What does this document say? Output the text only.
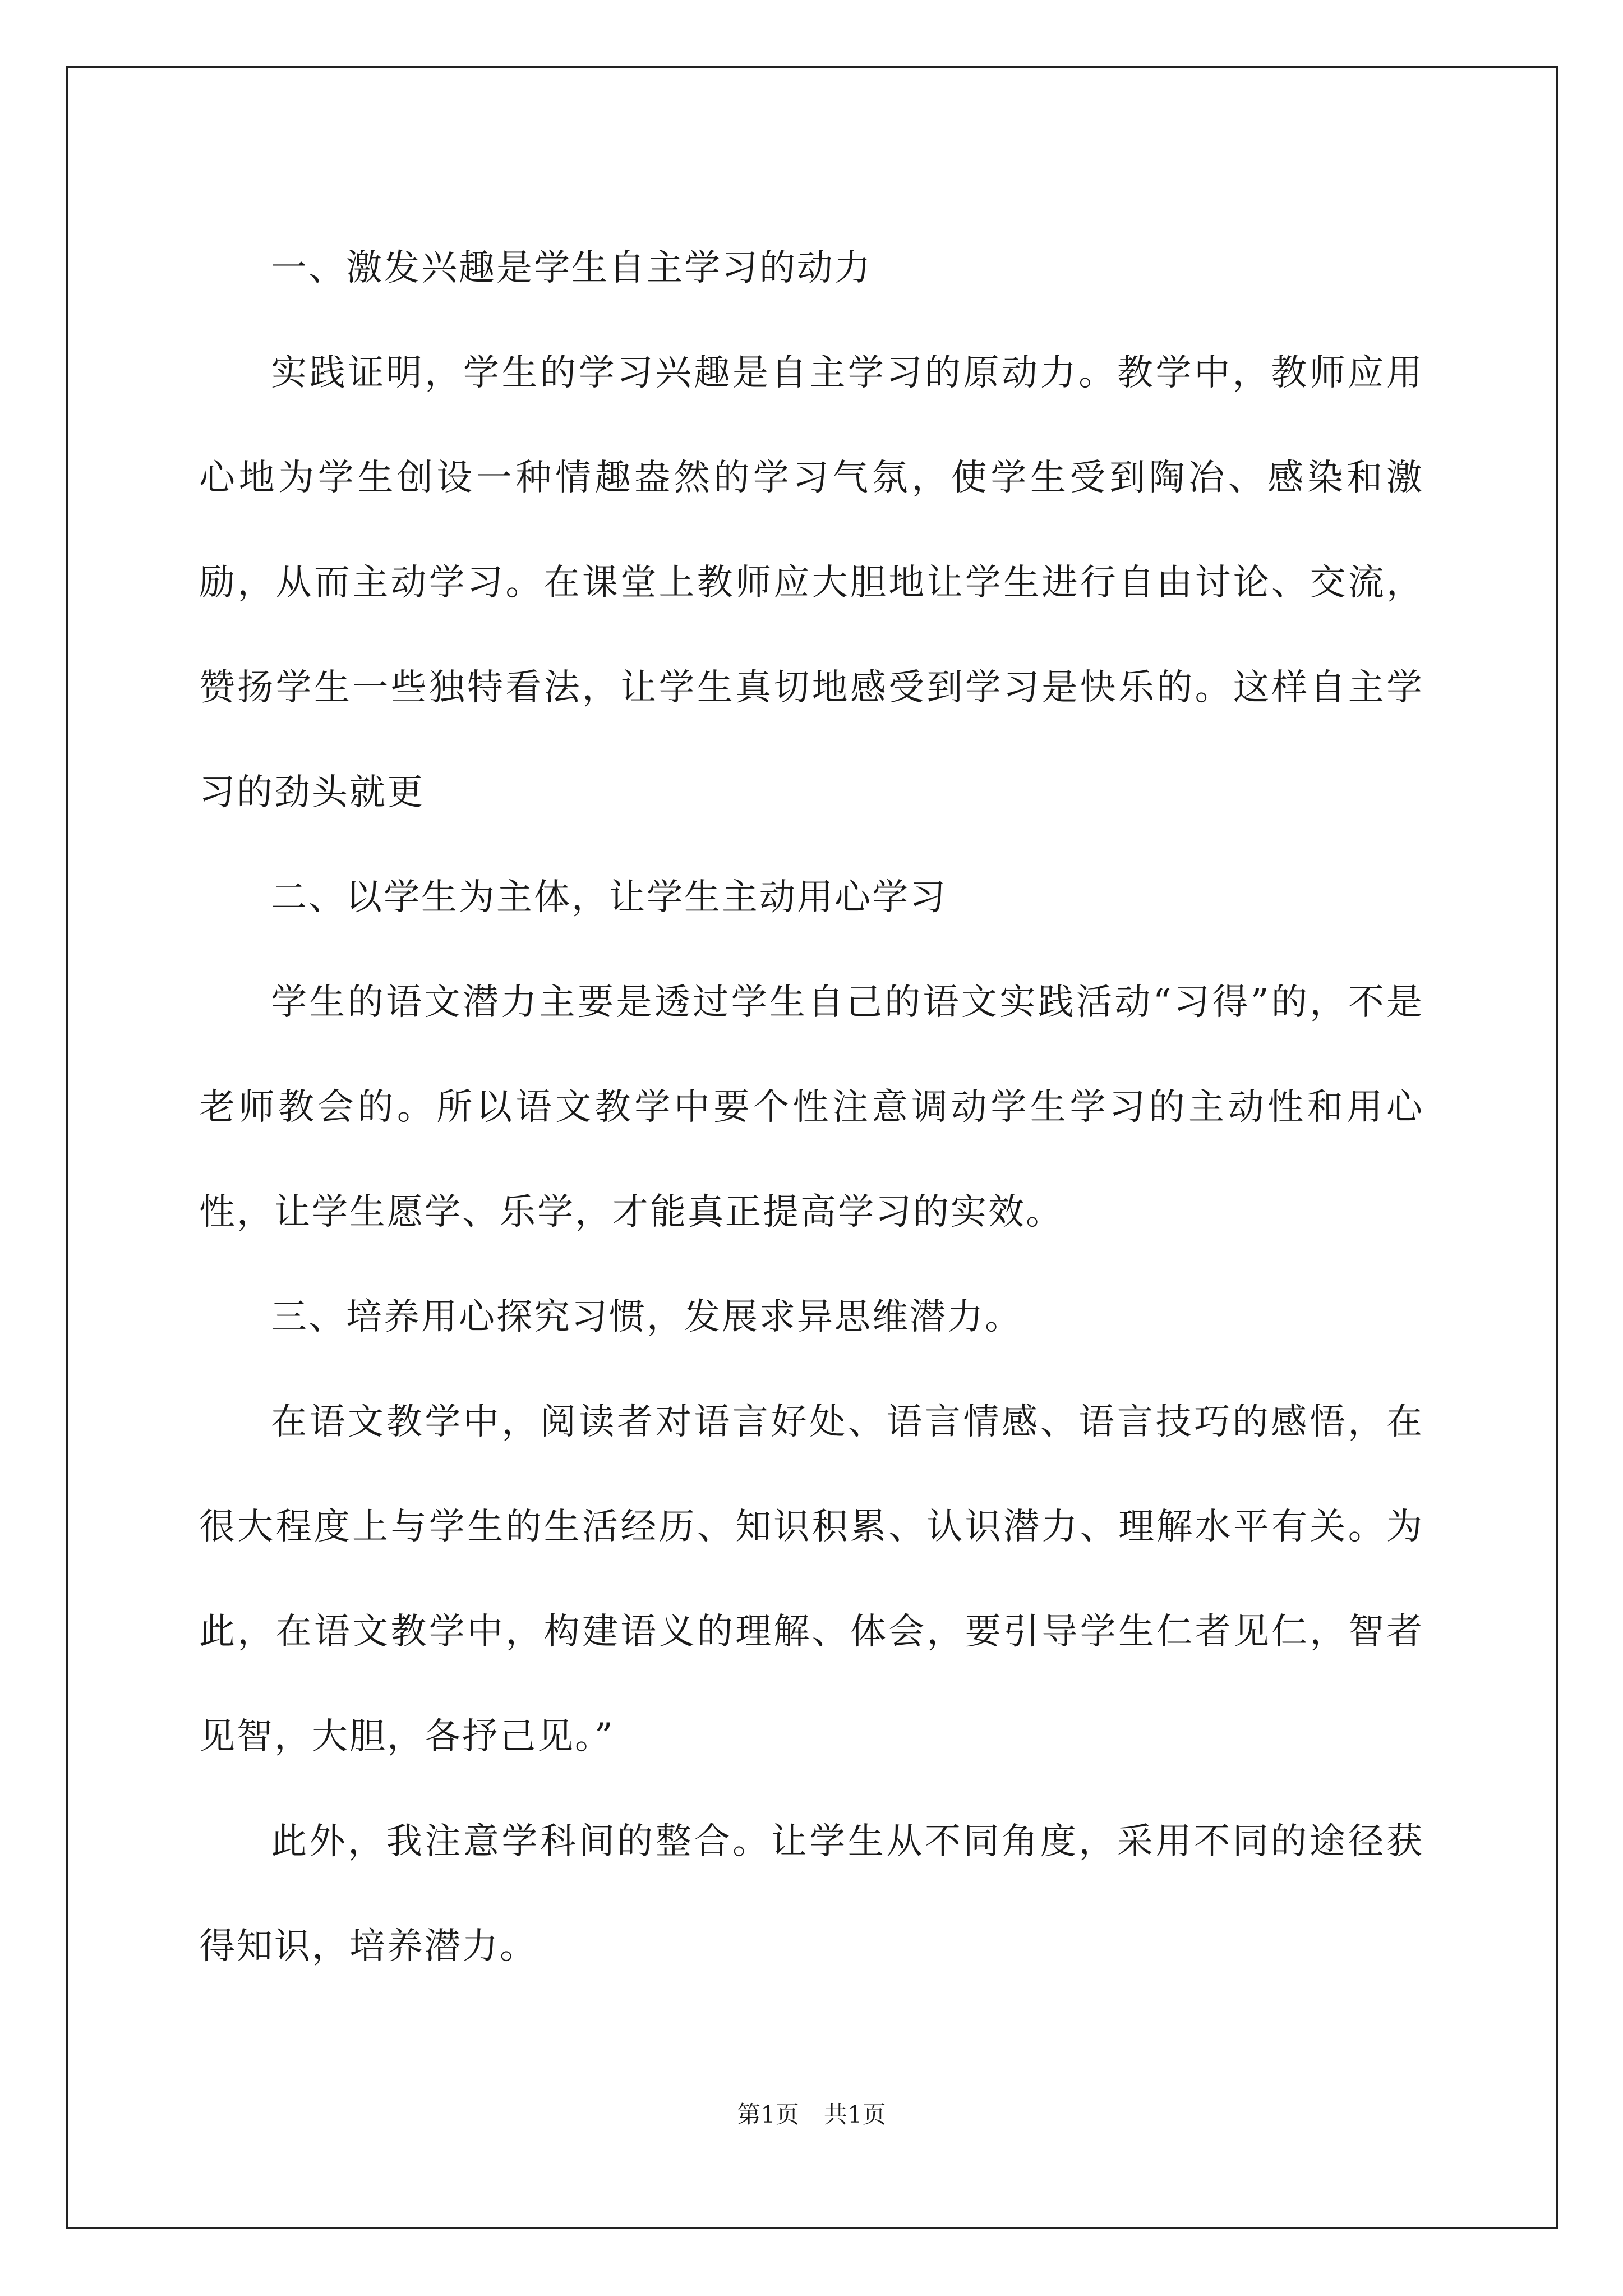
一、激发兴趣是学生自主学习的动力

实践证明，学生的学习兴趣是自主学习的原动力。教学中，教师应用心地为学生创设一种情趣盎然的学习气氛，使学生受到陶冶、感染和激励，从而主动学习。在课堂上教师应大胆地让学生进行自由讨论、交流，赞扬学生一些独特看法，让学生真切地感受到学习是快乐的。这样自主学习的劲头就更

二、以学生为主体，让学生主动用心学习

学生的语文潜力主要是透过学生自己的语文实践活动“习得”的，不是老师教会的。所以语文教学中要个性注意调动学生学习的主动性和用心性，让学生愿学、乐学，才能真正提高学习的实效。

三、培养用心探究习惯，发展求异思维潜力。

在语文教学中，阅读者对语言好处、语言情感、语言技巧的感悟，在很大程度上与学生的生活经历、知识积累、认识潜力、理解水平有关。为此，在语文教学中，构建语义的理解、体会，要引导学生仁者见仁，智者见智，大胆，各抒己见。”

此外，我注意学科间的整合。让学生从不同角度，采用不同的途径获得知识，培养潜力。

第1页 共1页
